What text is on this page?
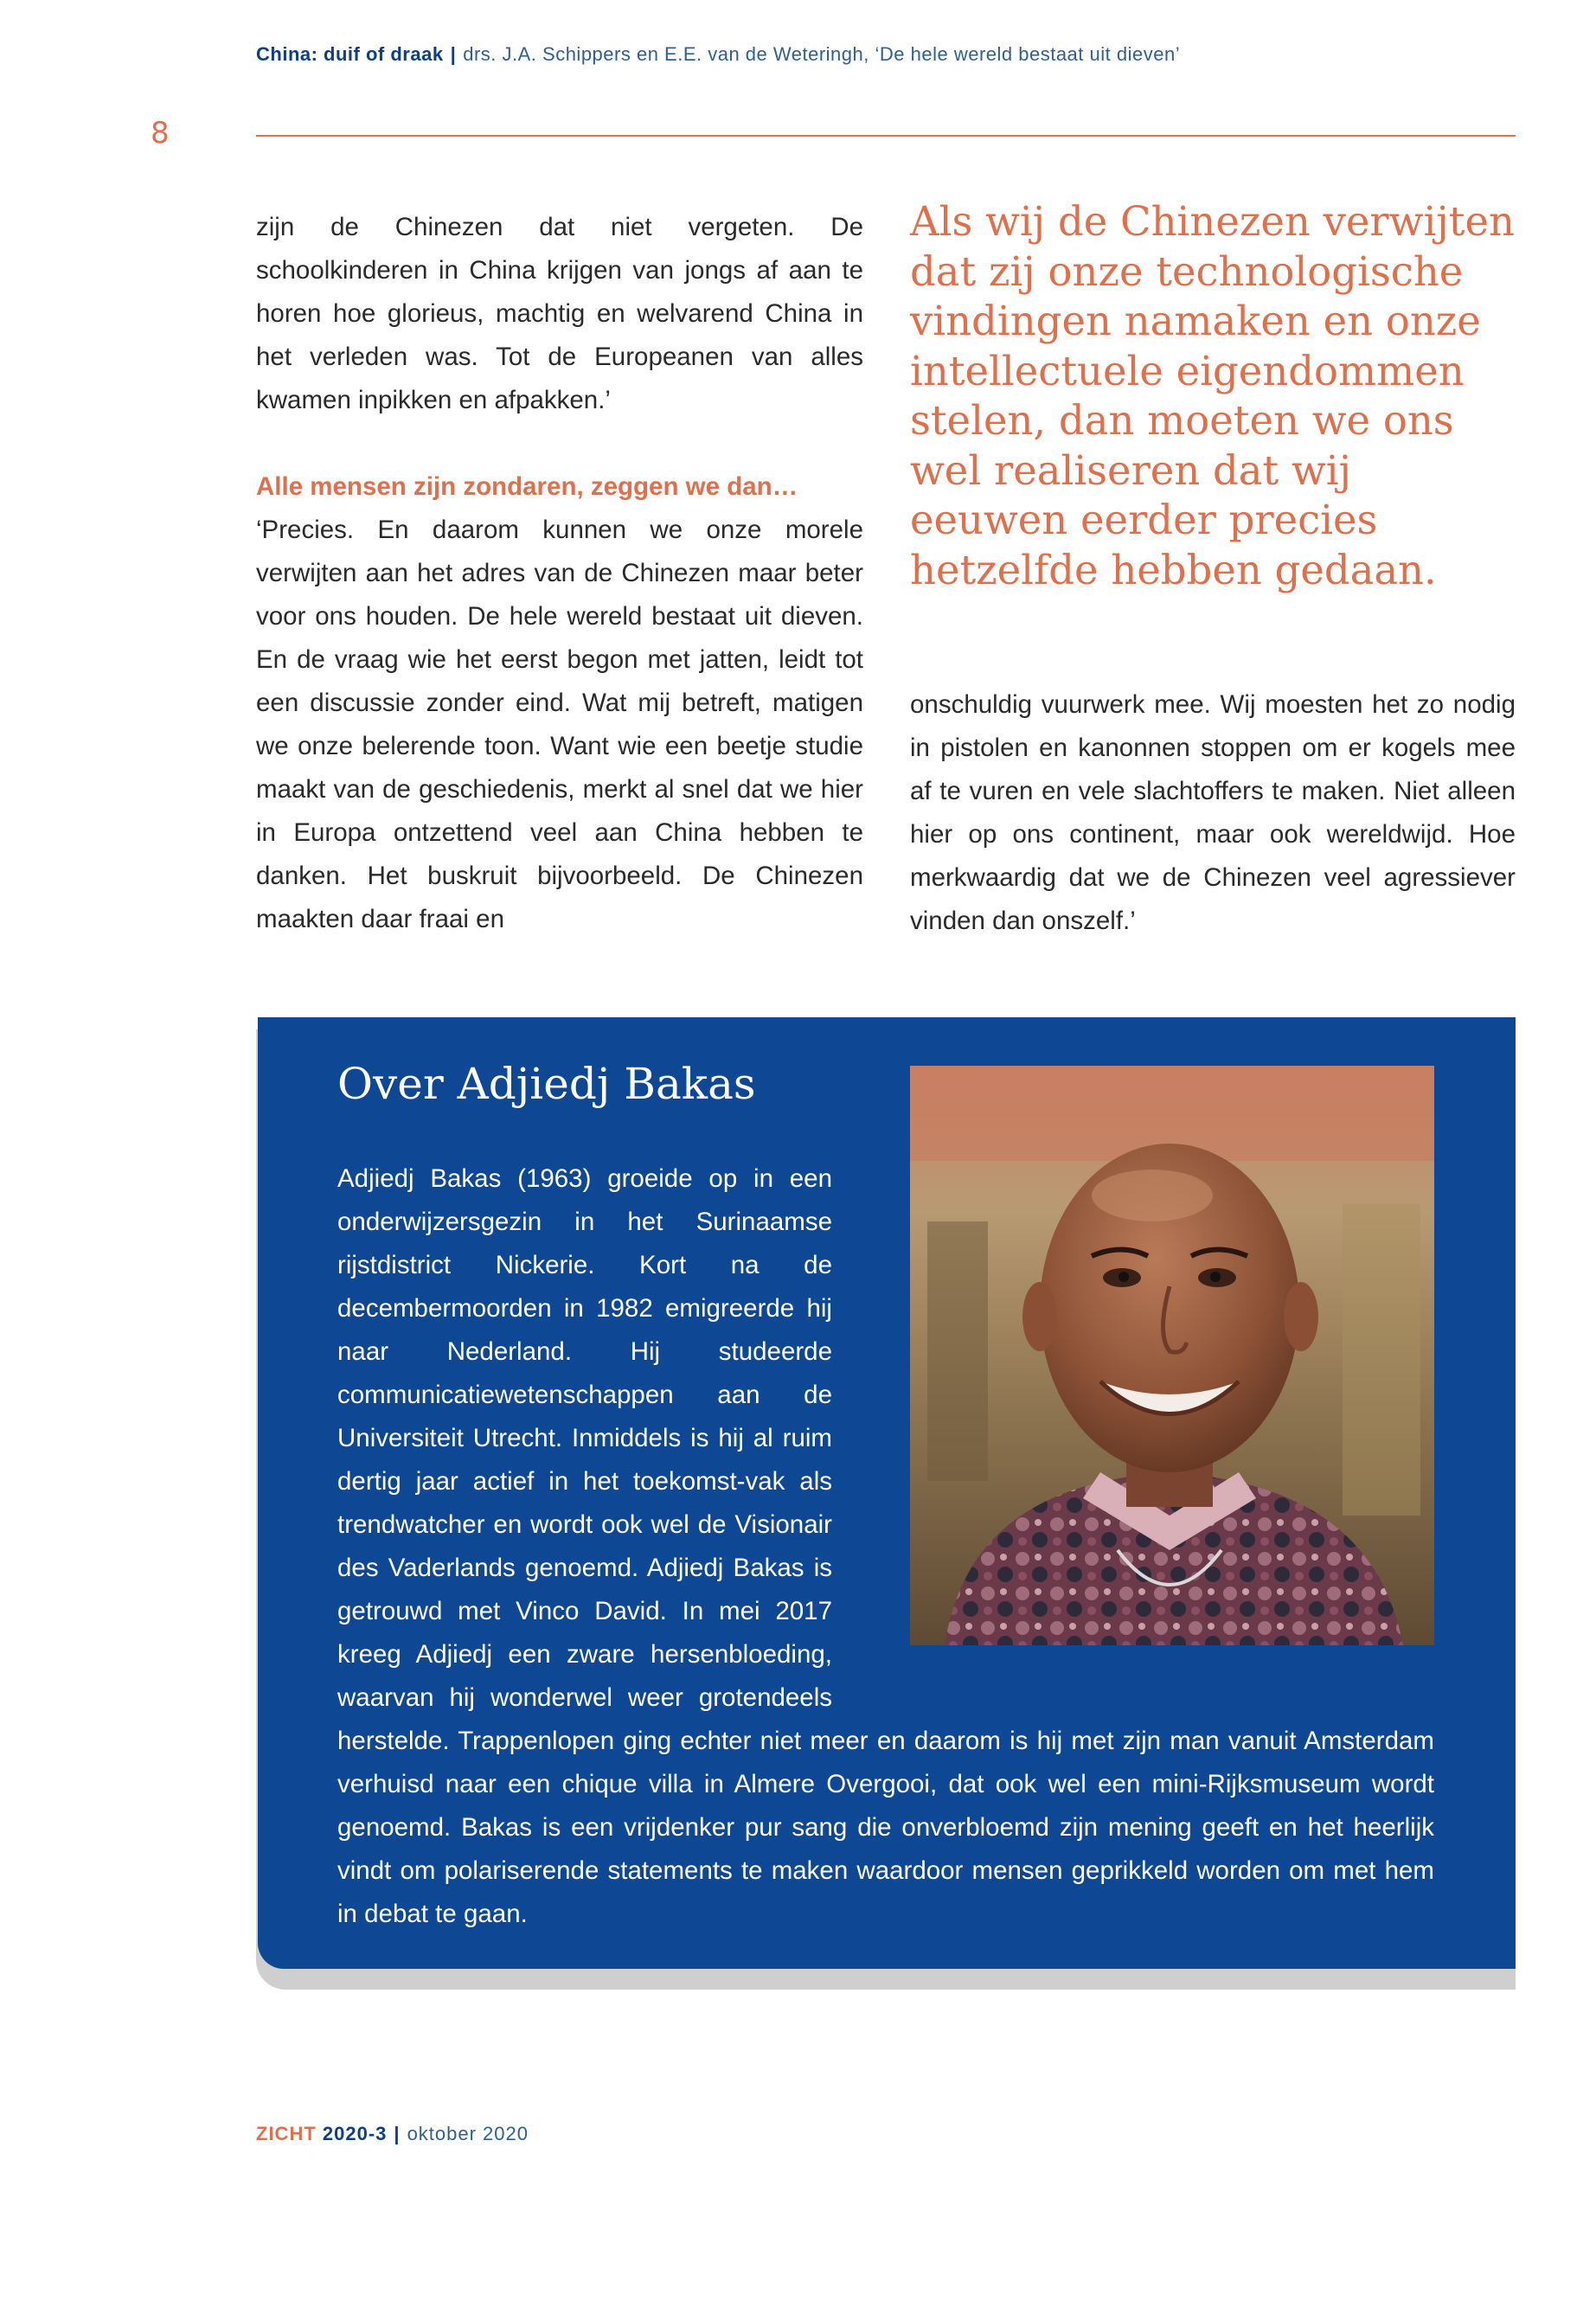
China: duif of draak | drs. J.A. Schippers en E.E. van de Weteringh, ‘De hele wereld bestaat uit dieven’
8

zijn de Chinezen dat niet vergeten. De schoolkinderen in China krijgen van jongs af aan te horen hoe glorieus, machtig en welvarend China in het verleden was. Tot de Europeanen van alles kwamen inpikken en afpakken.’

Alle mensen zijn zondaren, zeggen we dan…

‘Precies. En daarom kunnen we onze morele verwijten aan het adres van de Chinezen maar beter voor ons houden. De hele wereld bestaat uit dieven. En de vraag wie het eerst begon met jatten, leidt tot een discussie zonder eind. Wat mij betreft, matigen we onze belerende toon. Want wie een beetje studie maakt van de geschiedenis, merkt al snel dat we hier in Europa ontzettend veel aan China hebben te danken. Het buskruit bijvoorbeeld. De Chinezen maakten daar fraai en

Als wij de Chinezen verwijten dat zij onze technologische vindingen namaken en onze intellectuele eigendommen stelen, dan moeten we ons wel realiseren dat wij eeuwen eerder precies hetzelfde hebben gedaan.

onschuldig vuurwerk mee. Wij moesten het zo nodig in pistolen en kanonnen stoppen om er kogels mee af te vuren en vele slachtoffers te maken. Niet alleen hier op ons continent, maar ook wereldwijd. Hoe merkwaardig dat we de Chinezen veel agressiever vinden dan onszelf.’

Over Adjiedj Bakas

Adjiedj Bakas (1963) groeide op in een onderwijzersgezin in het Surinaamse rijstdistrict Nickerie. Kort na de decembermoorden in 1982 emigreerde hij naar Nederland. Hij studeerde communicatiewetenschappen aan de Universiteit Utrecht. Inmiddels is hij al ruim dertig jaar actief in het toekomst-vak als trendwatcher en wordt ook wel de Visionair des Vaderlands genoemd. Adjiedj Bakas is getrouwd met Vinco David. In mei 2017 kreeg Adjiedj een zware hersenbloeding, waarvan hij wonderwel weer grotendeels herstelde. Trappenlopen ging echter niet meer en daarom is hij met zijn man vanuit Amsterdam verhuisd naar een chique villa in Almere Overgooi, dat ook wel een mini-Rijksmuseum wordt genoemd. Bakas is een vrijdenker pur sang die onverbloemd zijn mening geeft en het heerlijk vindt om polariserende statements te maken waardoor mensen geprikkeld worden om met hem in debat te gaan.

ZICHT 2020-3 | oktober 2020
